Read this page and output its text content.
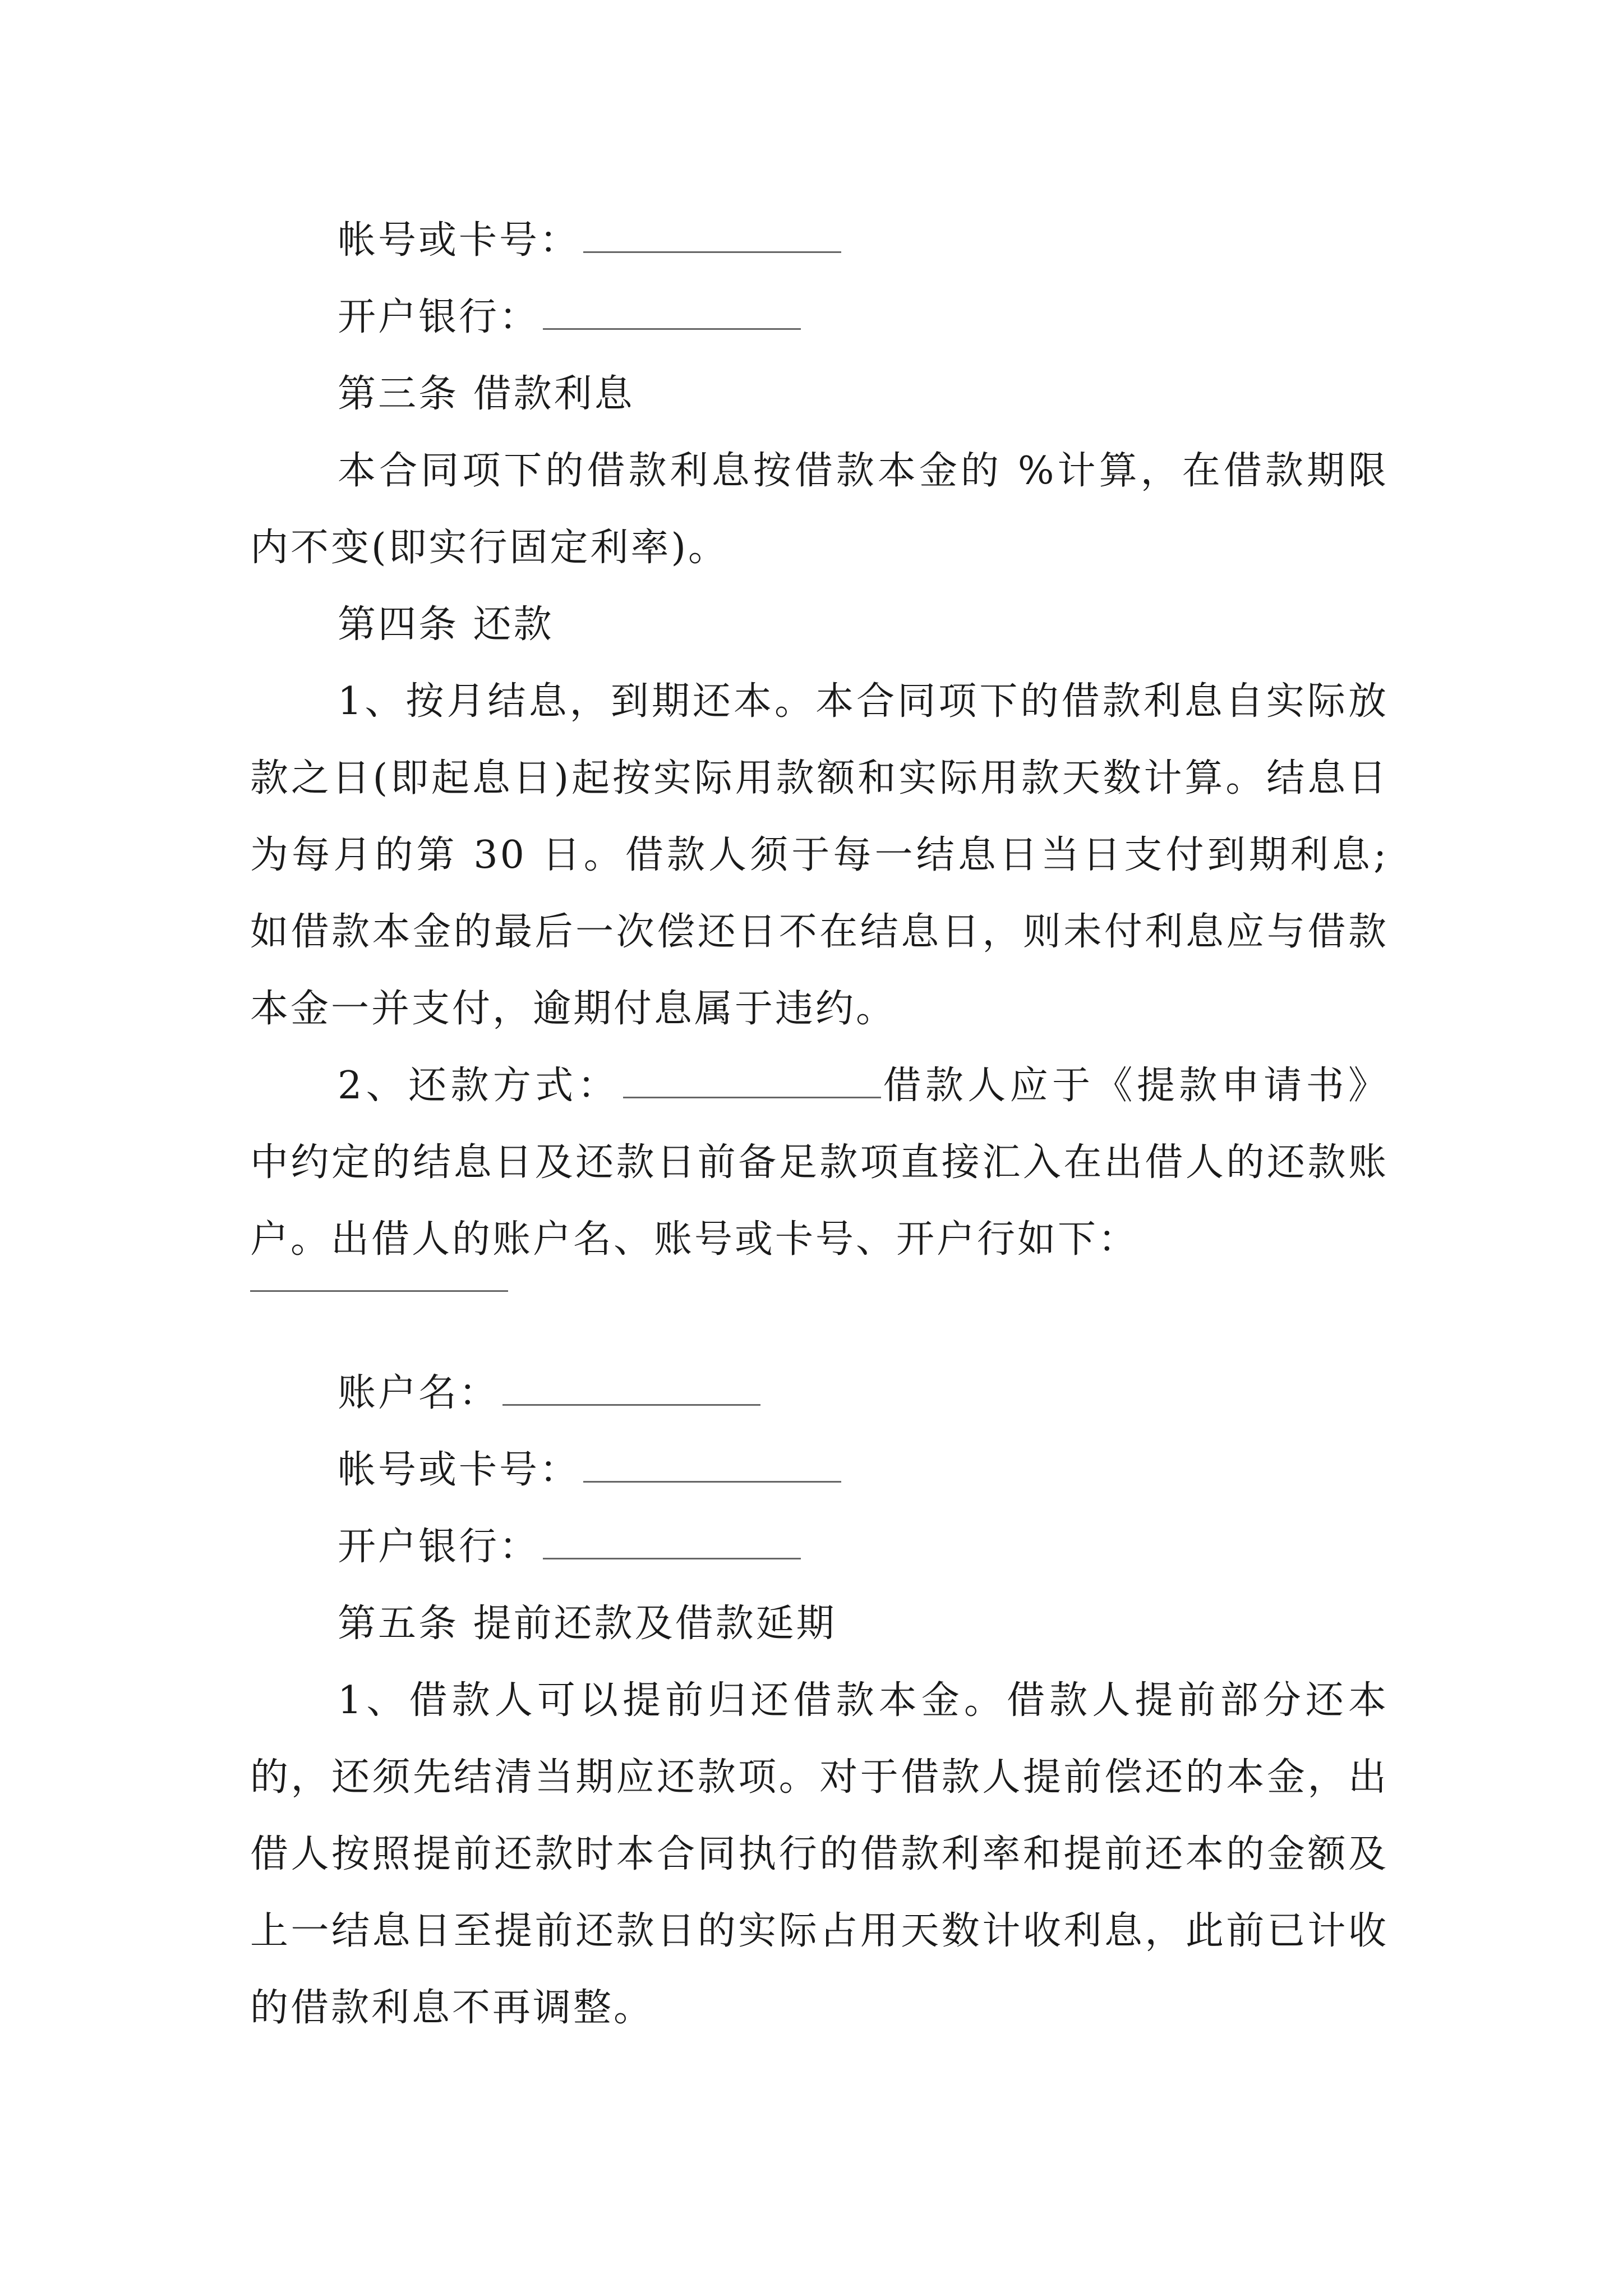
帐号或卡号：

开户银行：

第三条 借款利息

本合同项下的借款利息按借款本金的 %计算，在借款期限内不变(即实行固定利率)。

第四条 还款

1、按月结息，到期还本。本合同项下的借款利息自实际放款之日(即起息日)起按实际用款额和实际用款天数计算。结息日为每月的第 30 日。借款人须于每一结息日当日支付到期利息;如借款本金的最后一次偿还日不在结息日，则未付利息应与借款本金一并支付，逾期付息属于违约。

2、还款方式：	借款人应于《提款申请书》中约定的结息日及还款日前备足款项直接汇入在出借人的还款账户。出借人的账户名、账号或卡号、开户行如下：

账户名：

帐号或卡号：

开户银行：

第五条 提前还款及借款延期

1、借款人可以提前归还借款本金。借款人提前部分还本的，还须先结清当期应还款项。对于借款人提前偿还的本金，出借人按照提前还款时本合同执行的借款利率和提前还本的金额及上一结息日至提前还款日的实际占用天数计收利息，此前已计收的借款利息不再调整。
